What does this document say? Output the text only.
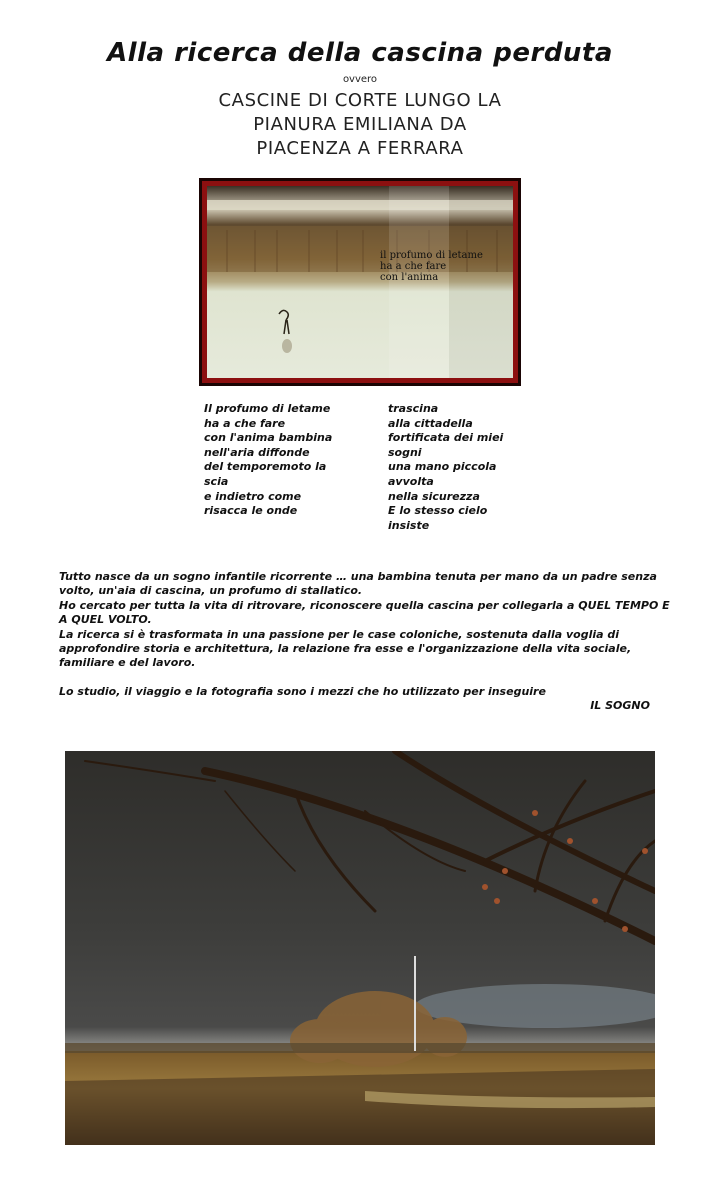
Alla ricerca della cascina perduta
ovvero
CASCINE DI CORTE LUNGO LA
PIANURA EMILIANA DA
PIACENZA A FERRARA
il profumo di letame
ha a che fare
con l'anima
Il profumo di letame
ha a che fare
con l'anima bambina
nell'aria diffonde
del temporemoto la
scia
e indietro come
risacca le onde
trascina
alla cittadella
fortificata dei miei
sogni
una mano piccola
avvolta
nella sicurezza
E lo stesso cielo
insiste

Tutto nasce da un sogno infantile ricorrente … una bambina tenuta per mano da un padre senza volto, un'aia di cascina, un profumo di stallatico.

Ho cercato per tutta la vita di ritrovare, riconoscere quella cascina per collegarla a QUEL TEMPO E A QUEL VOLTO.

La ricerca si è trasformata in una passione per le case coloniche, sostenuta dalla voglia di approfondire storia e architettura, la relazione fra esse e l'organizzazione della vita sociale, familiare e del lavoro.

Lo studio, il viaggio e la fotografia sono i mezzi che ho utilizzato per inseguire

IL SOGNO
